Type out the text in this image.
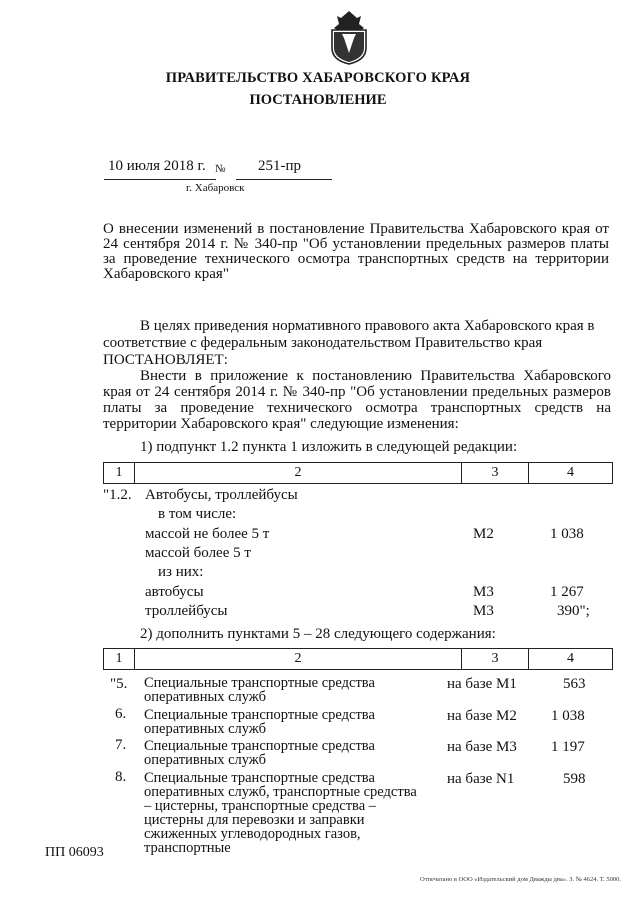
ПРАВИТЕЛЬСТВО ХАБАРОВСКОГО КРАЯ
ПОСТАНОВЛЕНИЕ
10 июля 2018 г. № 251-пр
г. Хабаровск
О внесении изменений в постановление Правительства Хабаровского края от 24 сентября 2014 г. № 340-пр "Об установлении предельных размеров платы за проведение технического осмотра транспортных средств на территории Хабаровского края"
В целях приведения нормативного правового акта Хабаровского края в
соответствие с федеральным законодательством Правительство края
ПОСТАНОВЛЯЕТ:
Внести в приложение к постановлению Правительства Хабаровского края от 24 сентября 2014 г. № 340-пр "Об установлении предельных размеров платы за проведение технического осмотра транспортных средств на территории Хабаровского края" следующие изменения:
1) подпункт 1.2 пункта 1 изложить в следующей редакции:
1	2	3	4
"1.2. Автобусы, троллейбусы
в том числе:
массой не более 5 т	M2	1 038
массой более 5 т
из них:
автобусы	M3	1 267
троллейбусы	M3	390";
2) дополнить пунктами 5 – 28 следующего содержания:
1	2	3	4
"5. Специальные транспортные средства оперативных служб
на базе M1	563
6. Специальные транспортные средства оперативных служб
на базе M2 1 038
7. Специальные транспортные средства оперативных служб
на базе M3 1 197
8. Специальные транспортные средства оперативных служб, транспортные средства – цистерны, транспортные средства – цистерны для перевозки и заправки сжиженных углеводородных газов, транспортные
на базе N1	598
ПП 06093
Отпечатано в ООО «Издательский дом Дважды два». З. № 4624. Т. 5000.
